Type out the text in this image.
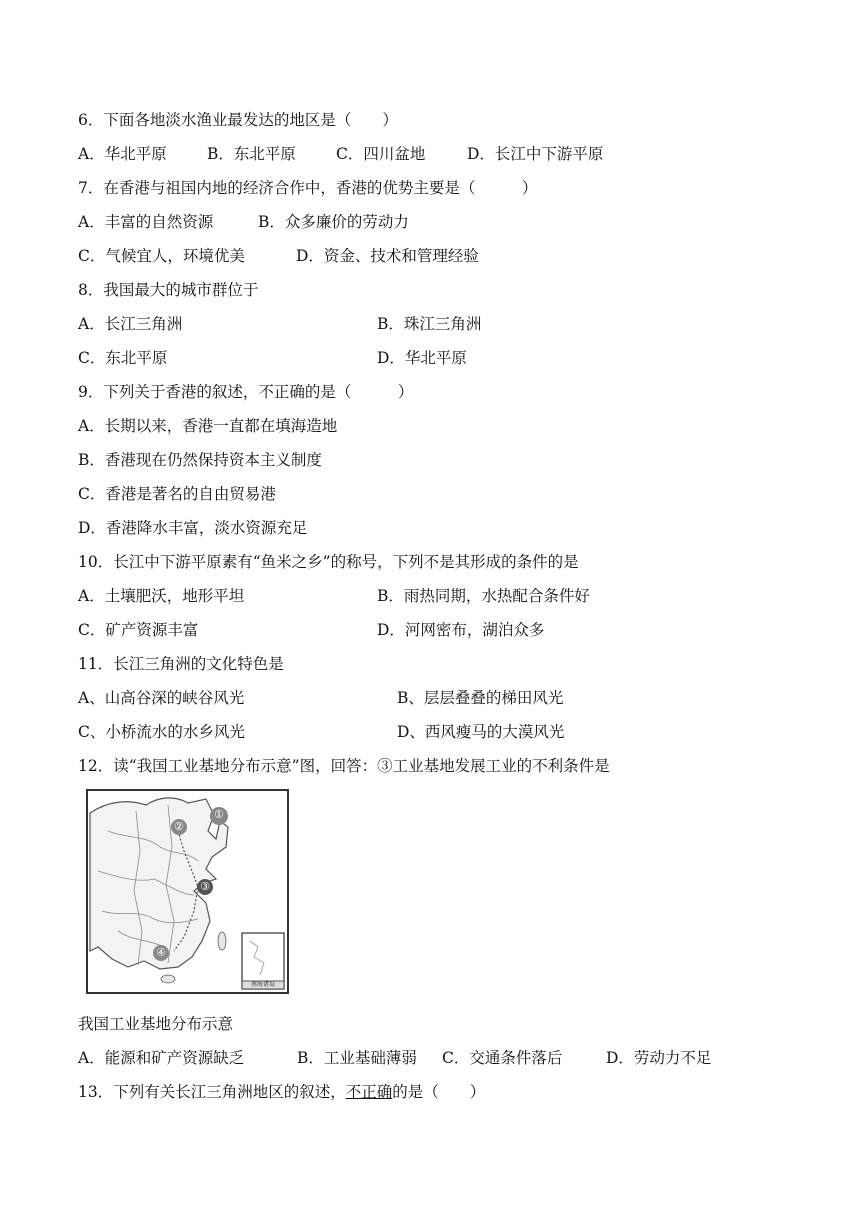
6．下面各地淡水渔业最发达的地区是（　　）
A．华北平原	B．东北平原	C．四川盆地	D．长江中下游平原
7．在香港与祖国内地的经济合作中，香港的优势主要是（　　　）
A．丰富的自然资源	B．众多廉价的劳动力
C．气候宜人，环境优美	D．资金、技术和管理经验
8．我国最大的城市群位于
A．长江三角洲	B．珠江三角洲
C．东北平原	D．华北平原
9．下列关于香港的叙述，不正确的是（　　　）
A．长期以来，香港一直都在填海造地
B．香港现在仍然保持资本主义制度
C．香港是著名的自由贸易港
D．香港降水丰富，淡水资源充足
10．长江中下游平原素有“鱼米之乡”的称号，下列不是其形成的条件的是
A．土壤肥沃，地形平坦	B．雨热同期，水热配合条件好
C．矿产资源丰富	D．河网密布，湖泊众多
11．长江三角洲的文化特色是
A、山高谷深的峡谷风光	B、层层叠叠的梯田风光
C、小桥流水的水乡风光	D、西风瘦马的大漠风光
12．读“我国工业基地分布示意”图，回答：③工业基地发展工业的不利条件是
①
②
③
④
南海诸岛
我国工业基地分布示意
A．能源和矿产资源缺乏	B．工业基础薄弱 C．交通条件落后	D．劳动力不足
13．下列有关长江三角洲地区的叙述，不正确的是（　　）
